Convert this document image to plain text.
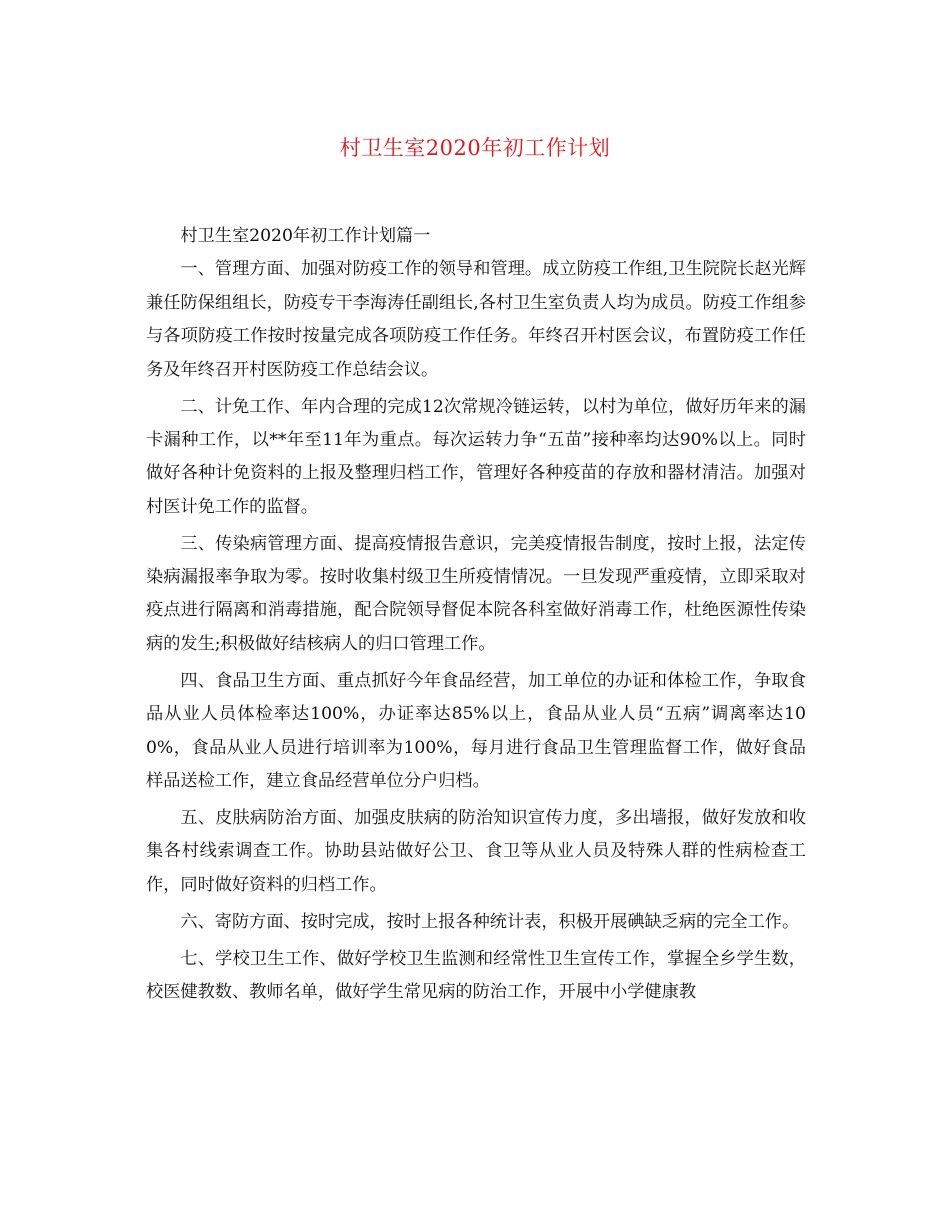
村卫生室2020年初工作计划

村卫生室2020年初工作计划篇一

一、管理方面、加强对防疫工作的领导和管理。成立防疫工作组,卫生院院长赵光辉兼任防保组组长，防疫专干李海涛任副组长,各村卫生室负责人均为成员。防疫工作组参与各项防疫工作按时按量完成各项防疫工作任务。年终召开村医会议，布置防疫工作任务及年终召开村医防疫工作总结会议。

二、计免工作、年内合理的完成12次常规冷链运转，以村为单位，做好历年来的漏卡漏种工作，以**年至11年为重点。每次运转力争“五苗”接种率均达90%以上。同时做好各种计免资料的上报及整理归档工作，管理好各种疫苗的存放和器材清洁。加强对村医计免工作的监督。

三、传染病管理方面、提高疫情报告意识，完美疫情报告制度，按时上报，法定传染病漏报率争取为零。按时收集村级卫生所疫情情况。一旦发现严重疫情，立即采取对疫点进行隔离和消毒措施，配合院领导督促本院各科室做好消毒工作，杜绝医源性传染病的发生;积极做好结核病人的归口管理工作。

四、食品卫生方面、重点抓好今年食品经营，加工单位的办证和体检工作，争取食品从业人员体检率达100%，办证率达85%以上，食品从业人员“五病”调离率达100%，食品从业人员进行培训率为100%，每月进行食品卫生管理监督工作，做好食品样品送检工作，建立食品经营单位分户归档。

五、皮肤病防治方面、加强皮肤病的防治知识宣传力度，多出墙报，做好发放和收集各村线索调查工作。协助县站做好公卫、食卫等从业人员及特殊人群的性病检查工作，同时做好资料的归档工作。

六、寄防方面、按时完成，按时上报各种统计表，积极开展碘缺乏病的完全工作。

七、学校卫生工作、做好学校卫生监测和经常性卫生宣传工作，掌握全乡学生数，校医健教数、教师名单，做好学生常见病的防治工作，开展中小学健康教
